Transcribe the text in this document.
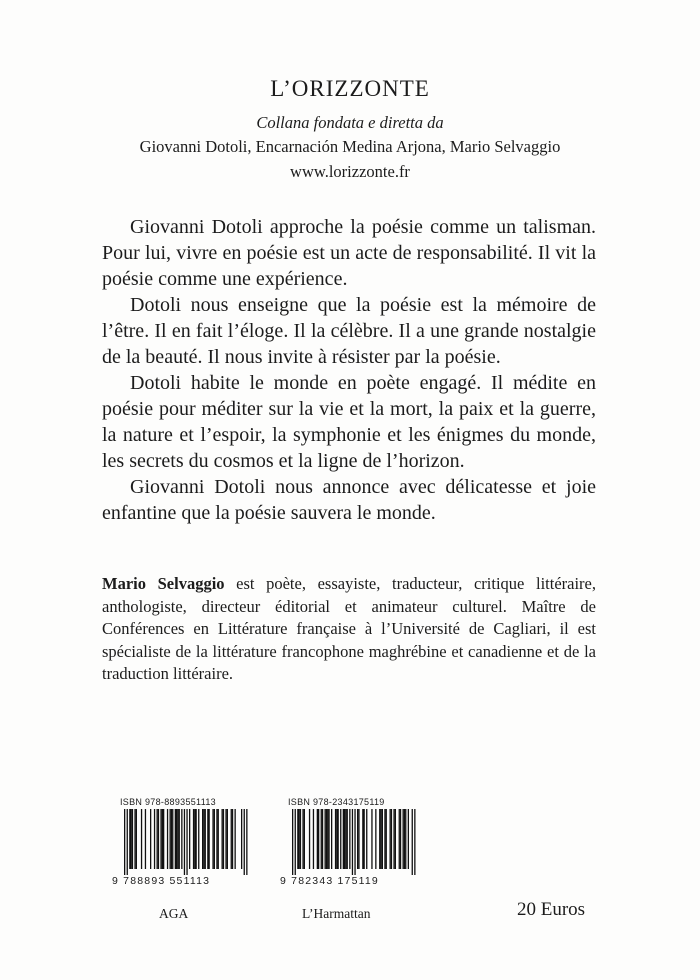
L’ORIZZONTE
Collana fondata e diretta da
Giovanni Dotoli, Encarnación Medina Arjona, Mario Selvaggio
www.lorizzonte.fr

Giovanni Dotoli approche la poésie comme un talisman. Pour lui, vivre en poésie est un acte de responsabilité. Il vit la poésie comme une expérience.

Dotoli nous enseigne que la poésie est la mémoire de l’être. Il en fait l’éloge. Il la célèbre. Il a une grande nostalgie de la beauté. Il nous invite à résister par la poésie.

Dotoli habite le monde en poète engagé. Il médite en poésie pour méditer sur la vie et la mort, la paix et la guerre, la nature et l’espoir, la symphonie et les énigmes du monde, les secrets du cosmos et la ligne de l’horizon.

Giovanni Dotoli nous annonce avec délicatesse et joie enfantine que la poésie sauvera le monde.

Mario Selvaggio est poète, essayiste, traducteur, critique littéraire, anthologiste, directeur éditorial et animateur culturel. Maître de Conférences en Littérature française à l’Université de Cagliari, il est spécialiste de la littérature francophone maghrébine et canadienne et de la traduction littéraire.

ISBN 978-8893551113
9 788893 551113
ISBN 978-2343175119
9 782343 175119
AGA	L’Harmattan	20 Euros
